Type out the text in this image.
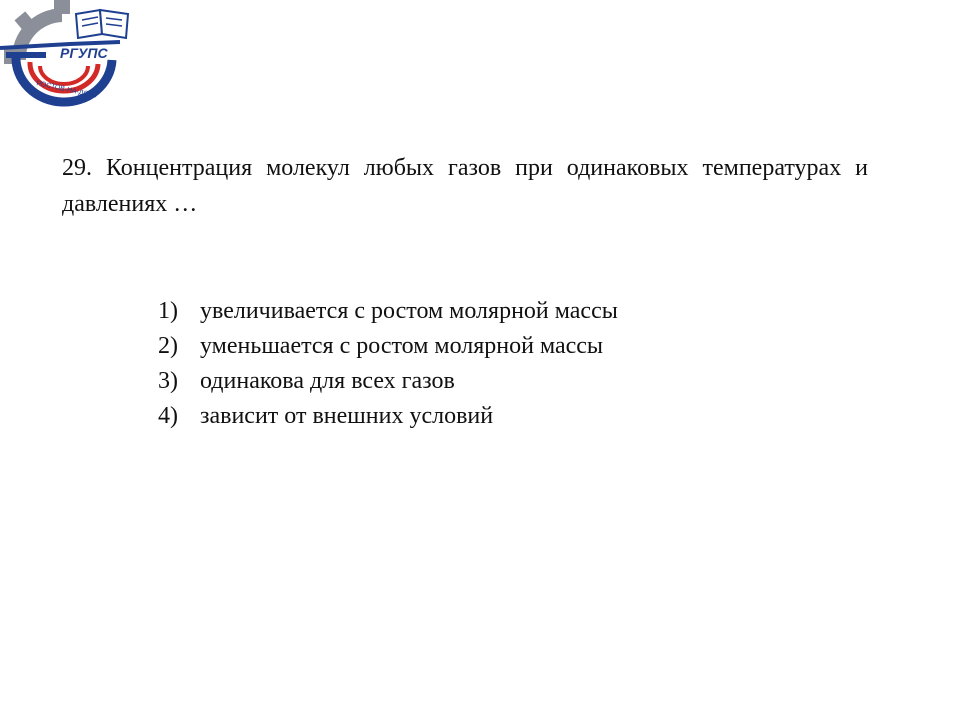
РГУПС
РОСТОВ-НА-ДОНУ
29. Концентрация молекул любых газов при одинаковых температурах и давлениях …
1) увеличивается с ростом молярной массы
2) уменьшается с ростом молярной массы
3) одинакова для всех газов
4) зависит от внешних условий
